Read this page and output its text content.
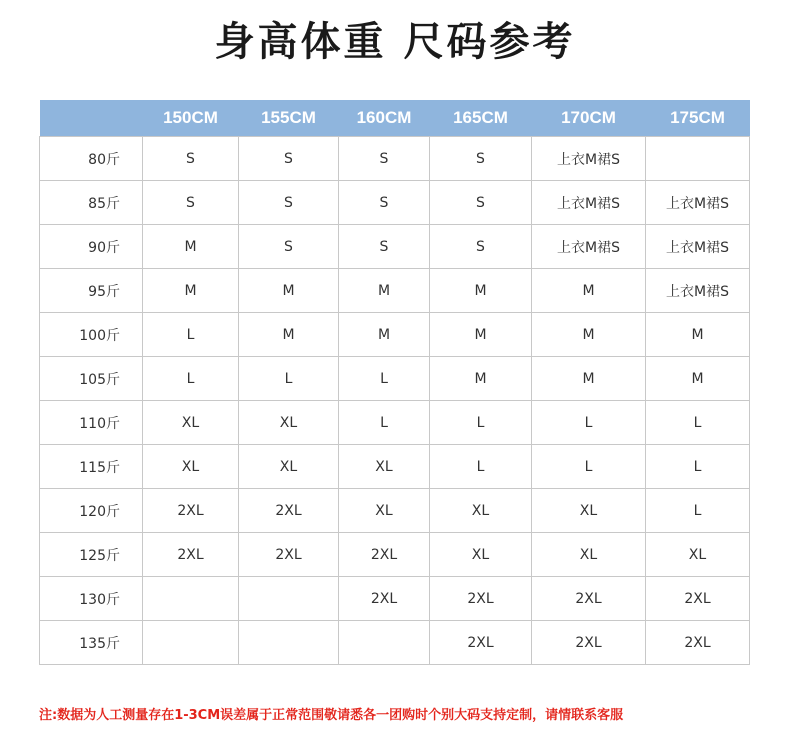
身高体重 尺码参考
	150CM	155CM	160CM	165CM	170CM	175CM
80斤	S	S	S	S	上衣M裙S	
85斤	S	S	S	S	上衣M裙S	上衣M裙S
90斤	M	S	S	S	上衣M裙S	上衣M裙S
95斤	M	M	M	M	M	上衣M裙S
100斤	L	M	M	M	M	M
105斤	L	L	L	M	M	M
110斤	XL	XL	L	L	L	L
115斤	XL	XL	XL	L	L	L
120斤	2XL	2XL	XL	XL	XL	L
125斤	2XL	2XL	2XL	XL	XL	XL
130斤			2XL	2XL	2XL	2XL
135斤				2XL	2XL	2XL
注:数据为人工测量存在1-3CM误差属于正常范围敬请悉各一团购时个别大码支持定制，请情联系客服
